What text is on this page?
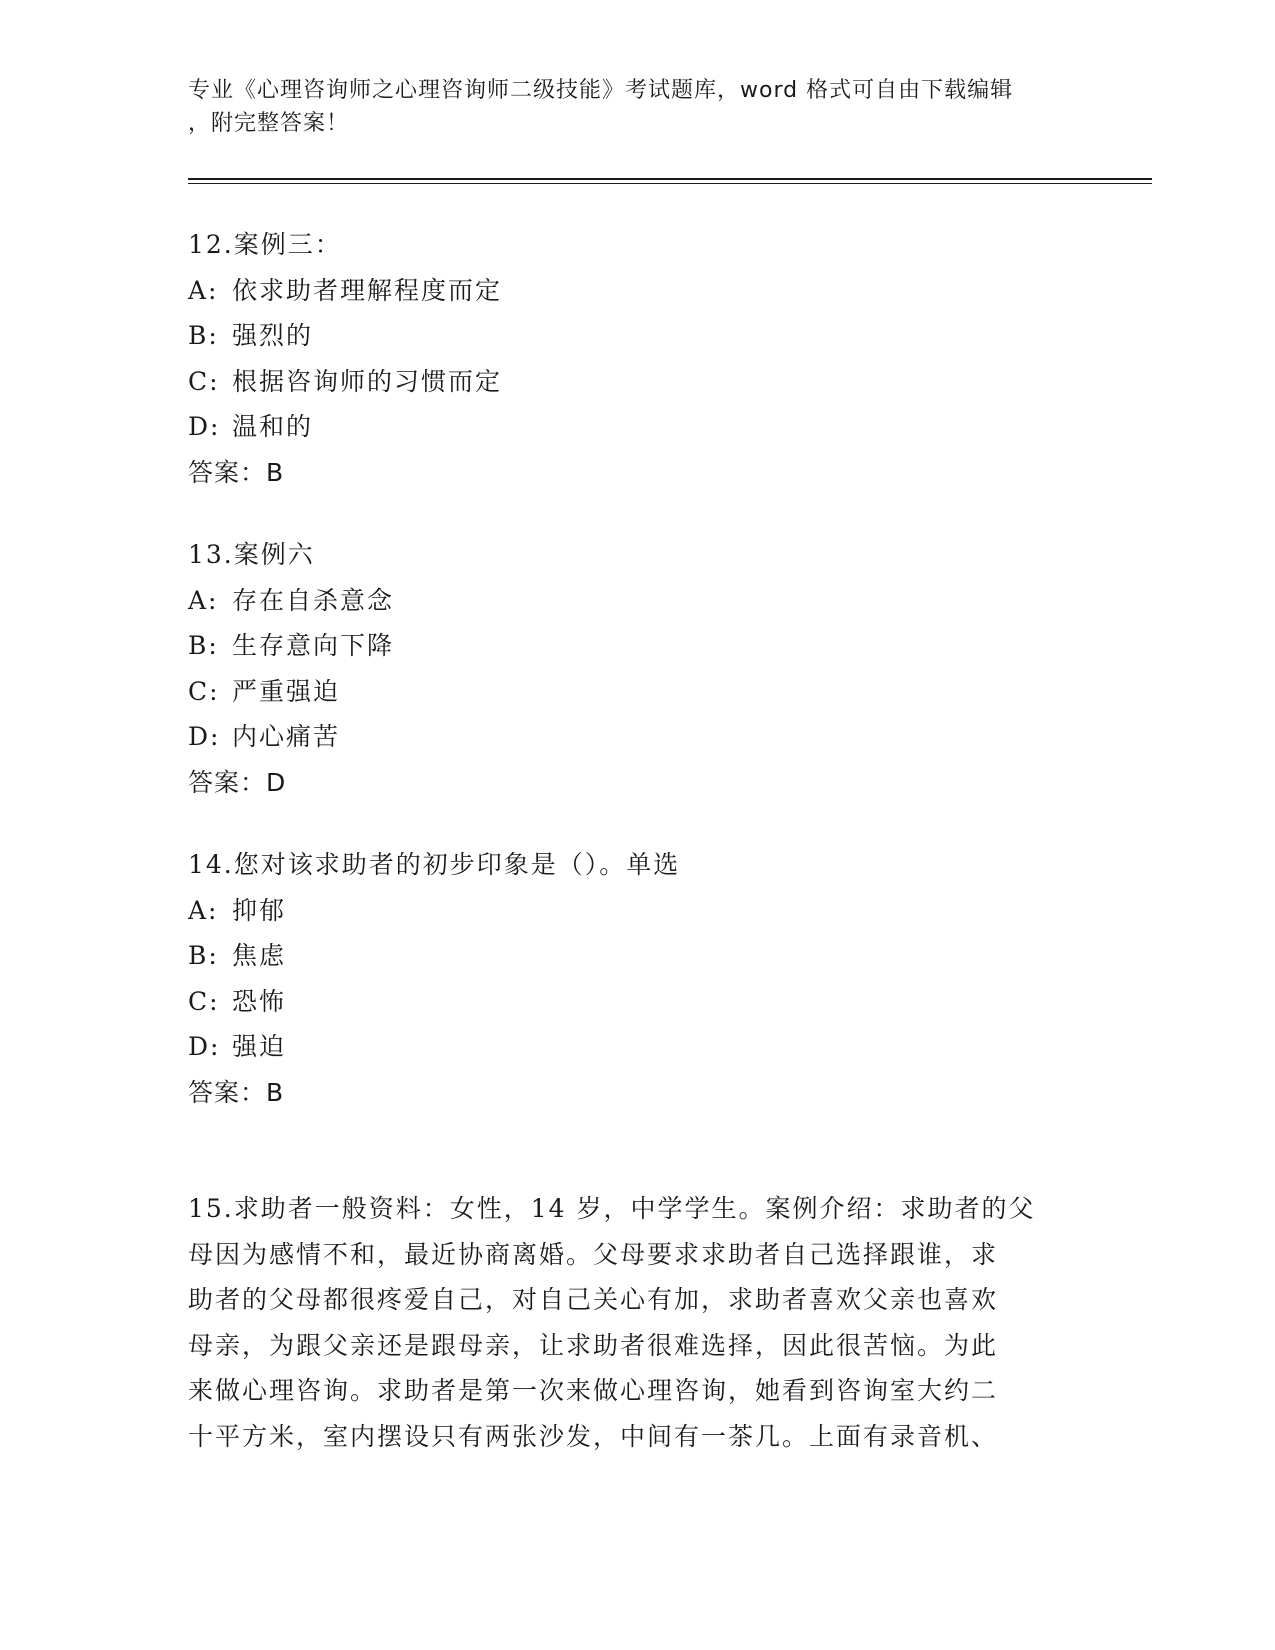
专业《心理咨询师之心理咨询师二级技能》考试题库，word 格式可自由下载编辑
，附完整答案！
12.案例三：
A: 依求助者理解程度而定
B: 强烈的
C: 根据咨询师的习惯而定
D: 温和的
答案：B
13.案例六
A: 存在自杀意念
B: 生存意向下降
C: 严重强迫
D: 内心痛苦
答案：D
14.您对该求助者的初步印象是（）。单选
A: 抑郁
B: 焦虑
C: 恐怖
D: 强迫
答案：B
15.求助者一般资料：女性，14 岁，中学学生。案例介绍：求助者的父
母因为感情不和，最近协商离婚。父母要求求助者自己选择跟谁，求
助者的父母都很疼爱自己，对自己关心有加，求助者喜欢父亲也喜欢
母亲，为跟父亲还是跟母亲，让求助者很难选择，因此很苦恼。为此
来做心理咨询。求助者是第一次来做心理咨询，她看到咨询室大约二
十平方米，室内摆设只有两张沙发，中间有一茶几。上面有录音机、
